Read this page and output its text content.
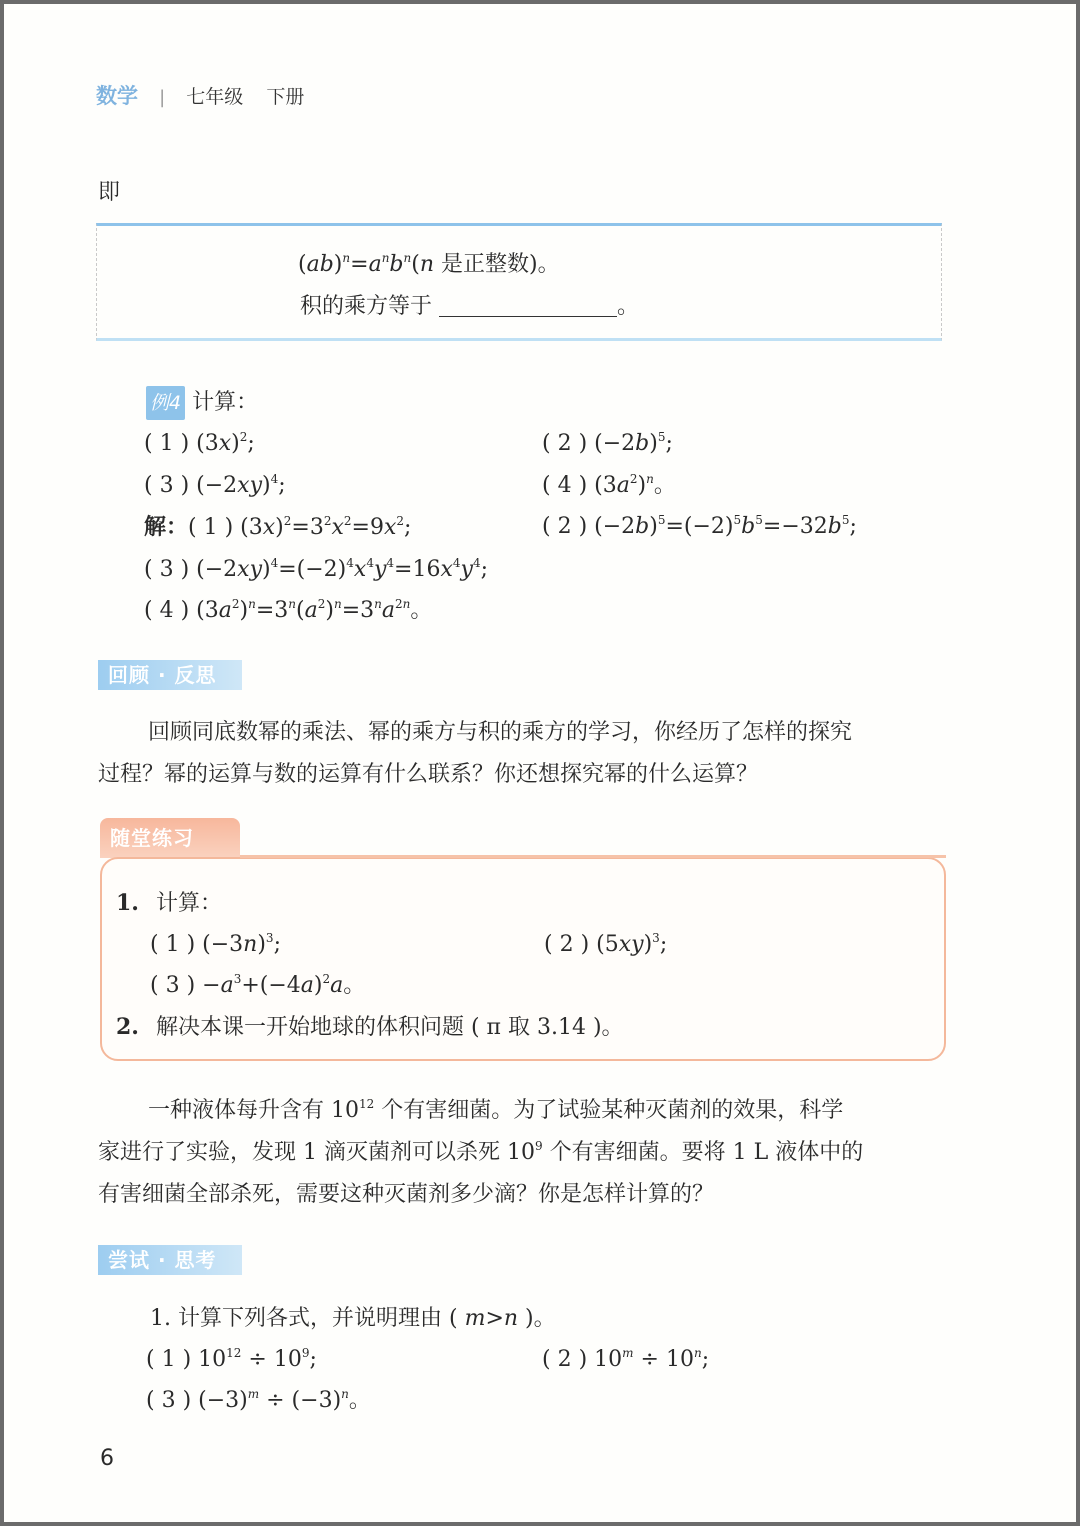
数学 | 七年级 下册
即
$(ab)^n=a^nb^n(n$ 是正整数)。
积的乘方等于	。
例4 计算：
( 1 ) $(3x)^2$;	( 2 ) $(-2b)^5$;
( 3 ) $(-2xy)^4$;	( 4 ) $(3a^2)^n$。
解：( 1 ) $(3x)^2=3^2x^2=9x^2$;	( 2 ) $(-2b)^5=(-2)^5b^5=-32b^5$;
( 3 ) $(-2xy)^4=(-2)^4x^4y^4=16x^4y^4$;
( 4 ) $(3a^2)^n=3^n(a^2)^n=3^na^{2n}$。
回顾 · 反思
回顾同底数幂的乘法、幂的乘方与积的乘方的学习，你经历了怎样的探究
过程？幂的运算与数的运算有什么联系？你还想探究幂的什么运算？
随堂练习
1. 计算：
( 1 ) $(-3n)^3$;	( 2 ) $(5xy)^3$;
( 3 ) $-a^3+(-4a)^2a$。
2. 解决本课一开始地球的体积问题 ( π 取 3.14 )。
一种液体每升含有 $10^{12}$ 个有害细菌。为了试验某种灭菌剂的效果，科学
家进行了实验，发现 1 滴灭菌剂可以杀死 $10^9$ 个有害细菌。要将 1 L 液体中的
有害细菌全部杀死，需要这种灭菌剂多少滴？你是怎样计算的？
尝试 · 思考
1. 计算下列各式，并说明理由 ( m>n )。
( 1 ) $10^{12} \div 10^9$;	( 2 ) $10^m \div 10^n$;
( 3 ) $(-3)^m \div (-3)^n$。
6
